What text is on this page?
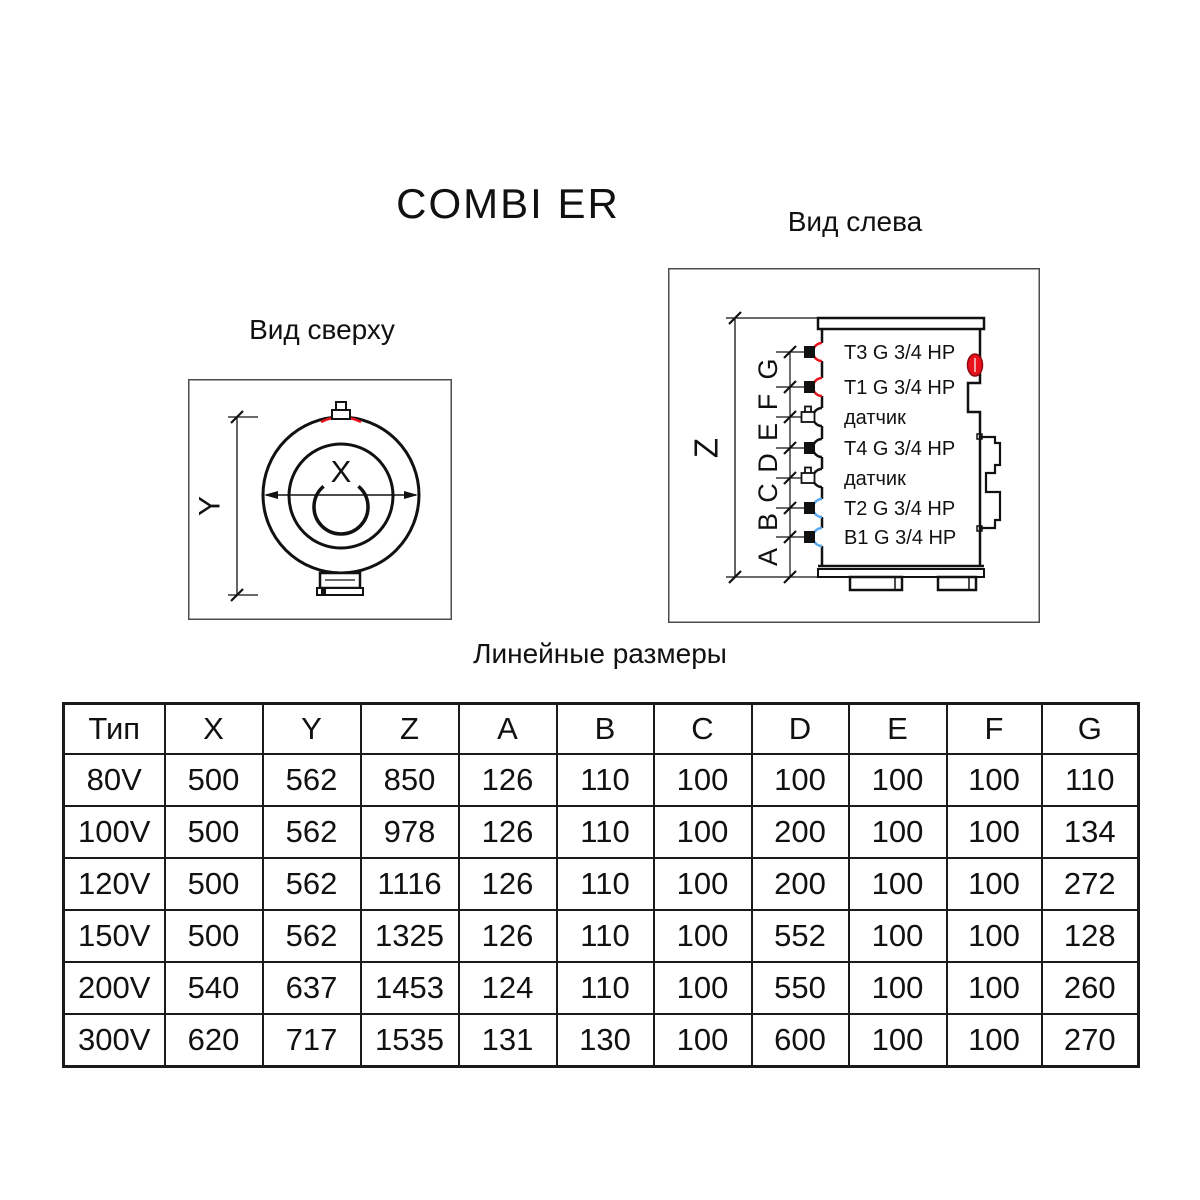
COMBI ER	Вид слева
Вид сверху
Линейные размеры
Y
X
Z
G
F
E
D
C
B
A
T3 G 3/4 HP
T1 G 3/4 HP
датчик
T4 G 3/4 HP
датчик
T2 G 3/4 HP
B1 G 3/4 HP
Тип	X	Y	Z	A	B	C	D	E	F	G
80V	500	562	850	126	110	100	100	100	100	110
100V	500	562	978	126	110	100	200	100	100	134
120V	500	562	1116	126	110	100	200	100	100	272
150V	500	562	1325	126	110	100	552	100	100	128
200V	540	637	1453	124	110	100	550	100	100	260
300V	620	717	1535	131	130	100	600	100	100	270
